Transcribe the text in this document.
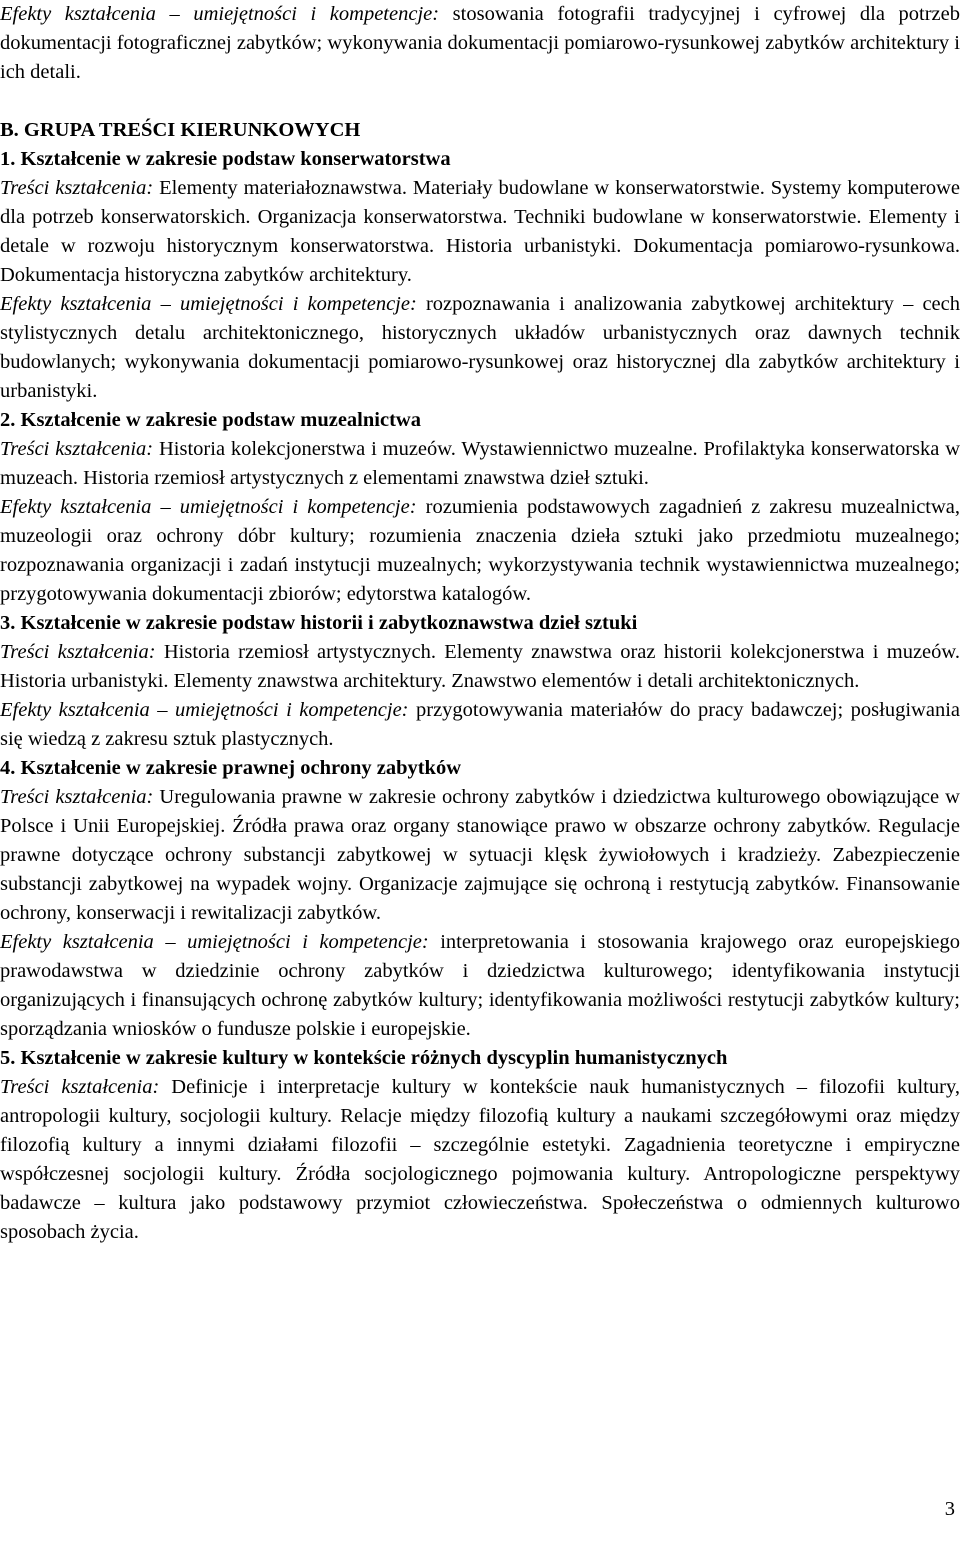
Efekty kształcenia – umiejętności i kompetencje: stosowania fotografii tradycyjnej i cyfrowej dla potrzeb dokumentacji fotograficznej zabytków; wykonywania dokumentacji pomiarowo-rysunkowej zabytków architektury i ich detali.

B. GRUPA TREŚCI KIERUNKOWYCH

1. Kształcenie w zakresie podstaw konserwatorstwa

Treści kształcenia: Elementy materiałoznawstwa. Materiały budowlane w konserwatorstwie. Systemy komputerowe dla potrzeb konserwatorskich. Organizacja konserwatorstwa. Techniki budowlane w konserwatorstwie. Elementy i detale w rozwoju historycznym konserwatorstwa. Historia urbanistyki. Dokumentacja pomiarowo-rysunkowa. Dokumentacja historyczna zabytków architektury.

Efekty kształcenia – umiejętności i kompetencje: rozpoznawania i analizowania zabytkowej architektury – cech stylistycznych detalu architektonicznego, historycznych układów urbanistycznych oraz dawnych technik budowlanych; wykonywania dokumentacji pomiarowo-rysunkowej oraz historycznej dla zabytków architektury i urbanistyki.

2. Kształcenie w zakresie podstaw muzealnictwa

Treści kształcenia: Historia kolekcjonerstwa i muzeów. Wystawiennictwo muzealne. Profilaktyka konserwatorska w muzeach. Historia rzemiosł artystycznych z elementami znawstwa dzieł sztuki.

Efekty kształcenia – umiejętności i kompetencje: rozumienia podstawowych zagadnień z zakresu muzealnictwa, muzeologii oraz ochrony dóbr kultury; rozumienia znaczenia dzieła sztuki jako przedmiotu muzealnego; rozpoznawania organizacji i zadań instytucji muzealnych; wykorzystywania technik wystawiennictwa muzealnego; przygotowywania dokumentacji zbiorów; edytorstwa katalogów.

3. Kształcenie w zakresie podstaw historii i zabytkoznawstwa dzieł sztuki

Treści kształcenia: Historia rzemiosł artystycznych. Elementy znawstwa oraz historii kolekcjonerstwa i muzeów. Historia urbanistyki. Elementy znawstwa architektury. Znawstwo elementów i detali architektonicznych.

Efekty kształcenia – umiejętności i kompetencje: przygotowywania materiałów do pracy badawczej; posługiwania się wiedzą z zakresu sztuk plastycznych.

4. Kształcenie w zakresie prawnej ochrony zabytków

Treści kształcenia: Uregulowania prawne w zakresie ochrony zabytków i dziedzictwa kulturowego obowiązujące w Polsce i Unii Europejskiej. Źródła prawa oraz organy stanowiące prawo w obszarze ochrony zabytków. Regulacje prawne dotyczące ochrony substancji zabytkowej w sytuacji klęsk żywiołowych i kradzieży. Zabezpieczenie substancji zabytkowej na wypadek wojny. Organizacje zajmujące się ochroną i restytucją zabytków. Finansowanie ochrony, konserwacji i rewitalizacji zabytków.

Efekty kształcenia – umiejętności i kompetencje: interpretowania i stosowania krajowego oraz europejskiego prawodawstwa w dziedzinie ochrony zabytków i dziedzictwa kulturowego; identyfikowania instytucji organizujących i finansujących ochronę zabytków kultury; identyfikowania możliwości restytucji zabytków kultury; sporządzania wniosków o fundusze polskie i europejskie.

5. Kształcenie w zakresie kultury w kontekście różnych dyscyplin humanistycznych

Treści kształcenia: Definicje i interpretacje kultury w kontekście nauk humanistycznych – filozofii kultury, antropologii kultury, socjologii kultury. Relacje między filozofią kultury a naukami szczegółowymi oraz między filozofią kultury a innymi działami filozofii – szczególnie estetyki. Zagadnienia teoretyczne i empiryczne współczesnej socjologii kultury. Źródła socjologicznego pojmowania kultury. Antropologiczne perspektywy badawcze – kultura jako podstawowy przymiot człowieczeństwa. Społeczeństwa o odmiennych kulturowo sposobach życia.

3
